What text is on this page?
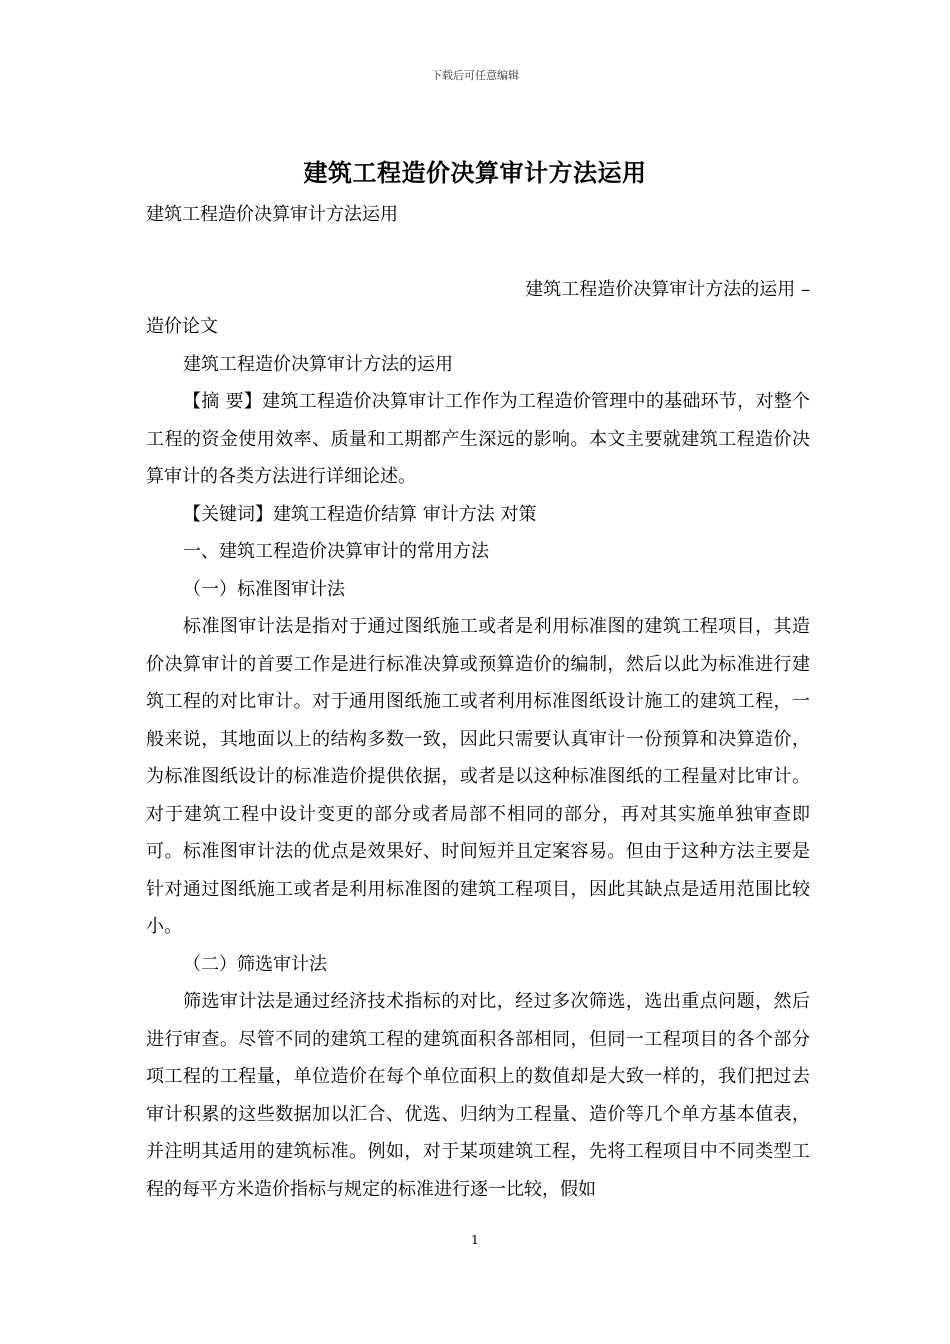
下载后可任意编辑
建筑工程造价决算审计方法运用

建筑工程造价决算审计方法运用

建筑工程造价决算审计方法的运用 –

造价论文

建筑工程造价决算审计方法的运用

【摘 要】建筑工程造价决算审计工作作为工程造价管理中的基础环节，对整个工程的资金使用效率、质量和工期都产生深远的影响。本文主要就建筑工程造价决算审计的各类方法进行详细论述。

【关键词】建筑工程造价结算 审计方法 对策

一、建筑工程造价决算审计的常用方法

（一）标准图审计法

标准图审计法是指对于通过图纸施工或者是利用标准图的建筑工程项目，其造价决算审计的首要工作是进行标准决算或预算造价的编制，然后以此为标准进行建筑工程的对比审计。对于通用图纸施工或者利用标准图纸设计施工的建筑工程，一般来说，其地面以上的结构多数一致，因此只需要认真审计一份预算和决算造价，为标准图纸设计的标准造价提供依据，或者是以这种标准图纸的工程量对比审计。对于建筑工程中设计变更的部分或者局部不相同的部分，再对其实施单独审查即可。标准图审计法的优点是效果好、时间短并且定案容易。但由于这种方法主要是针对通过图纸施工或者是利用标准图的建筑工程项目，因此其缺点是适用范围比较小。

（二）筛选审计法

筛选审计法是通过经济技术指标的对比，经过多次筛选，选出重点问题，然后进行审查。尽管不同的建筑工程的建筑面积各部相同，但同一工程项目的各个部分项工程的工程量，单位造价在每个单位面积上的数值却是大致一样的，我们把过去审计积累的这些数据加以汇合、优选、归纳为工程量、造价等几个单方基本值表，并注明其适用的建筑标准。例如，对于某项建筑工程，先将工程项目中不同类型工程的每平方米造价指标与规定的标准进行逐一比较，假如

1
